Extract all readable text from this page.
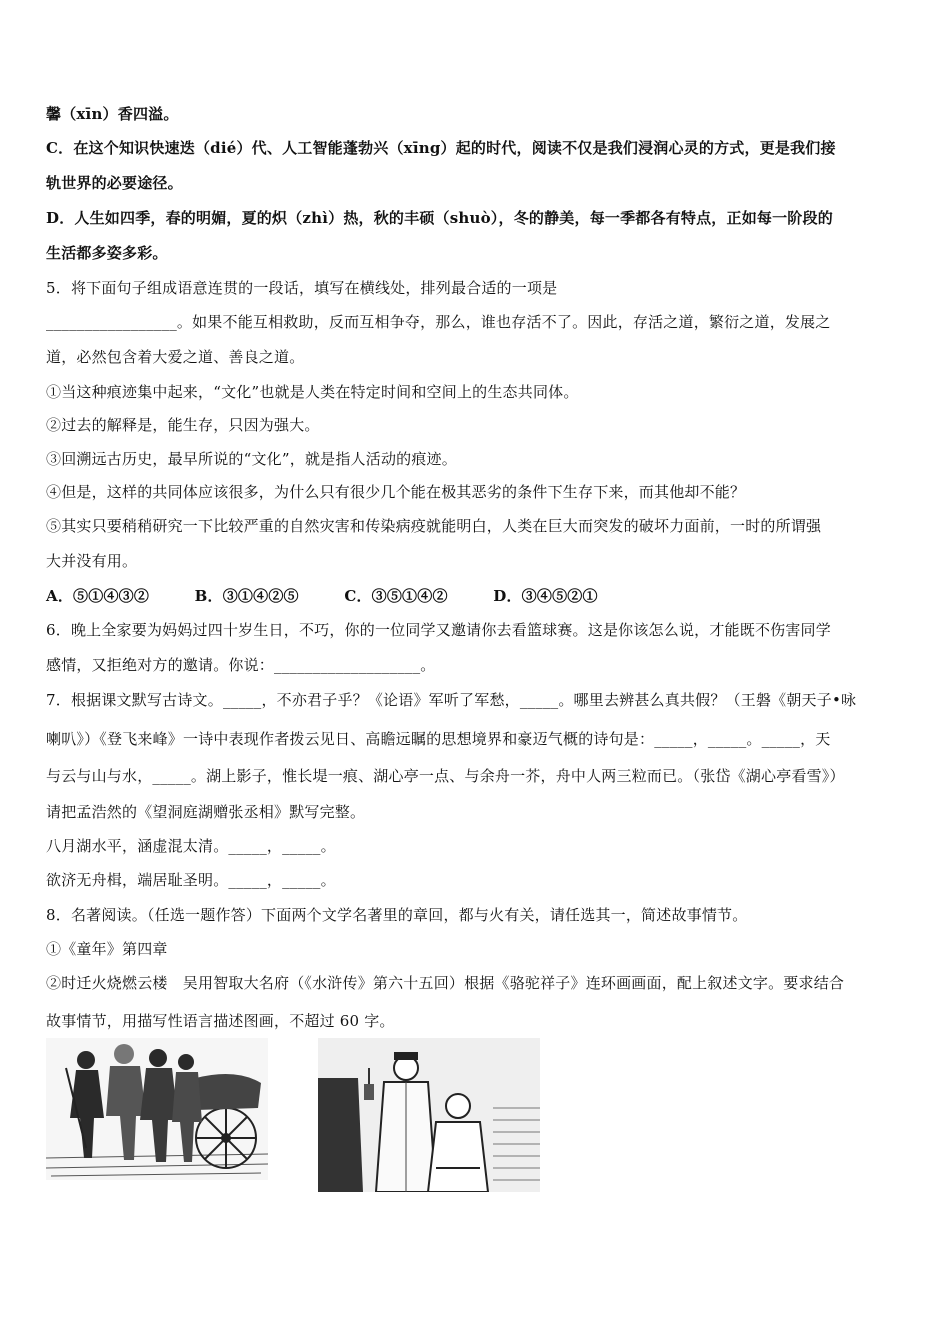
馨（xīn）香四溢。
C．在这个知识快速迭（dié）代、人工智能蓬勃兴（xīng）起的时代，阅读不仅是我们浸润心灵的方式，更是我们接
轨世界的必要途径。
D．人生如四季，春的明媚，夏的炽（zhì）热，秋的丰硕（shuò），冬的静美，每一季都各有特点，正如每一阶段的
生活都多姿多彩。
5．将下面句子组成语意连贯的一段话，填写在横线处，排列最合适的一项是
_________________。如果不能互相救助，反而互相争夺，那么，谁也存活不了。因此，存活之道，繁衍之道，发展之
道，必然包含着大爱之道、善良之道。
①当这种痕迹集中起来，“文化”也就是人类在特定时间和空间上的生态共同体。
②过去的解释是，能生存，只因为强大。
③回溯远古历史，最早所说的“文化”，就是指人活动的痕迹。
④但是，这样的共同体应该很多，为什么只有很少几个能在极其恶劣的条件下生存下来，而其他却不能？
⑤其实只要稍稍研究一下比较严重的自然灾害和传染病疫就能明白，人类在巨大而突发的破坏力面前，一时的所谓强
大并没有用。
A．⑤①④③②　　　B．③①④②⑤　　　C．③⑤①④②　　　D．③④⑤②①
6．晚上全家要为妈妈过四十岁生日，不巧，你的一位同学又邀请你去看篮球赛。这是你该怎么说，才能既不伤害同学
感情，又拒绝对方的邀请。你说：___________________。
7．根据课文默写古诗文。_____，不亦君子乎？《论语》军听了军愁，_____。哪里去辨甚么真共假？（王磐《朝天子•咏
喇叭》）《登飞来峰》一诗中表现作者拨云见日、高瞻远瞩的思想境界和豪迈气概的诗句是：_____，_____。_____，天
与云与山与水，_____。湖上影子，惟长堤一痕、湖心亭一点、与余舟一芥，舟中人两三粒而已。（张岱《湖心亭看雪》）
请把孟浩然的《望洞庭湖赠张丞相》默写完整。
八月湖水平，涵虚混太清。_____，_____。
欲济无舟楫，端居耻圣明。_____，_____。
8．名著阅读。（任选一题作答）下面两个文学名著里的章回，都与火有关，请任选其一，简述故事情节。
①《童年》第四章
②时迁火烧燃云楼　吴用智取大名府（《水浒传》第六十五回）根据《骆驼祥子》连环画画面，配上叙述文字。要求结合
故事情节，用描写性语言描述图画，不超过 60 字。
